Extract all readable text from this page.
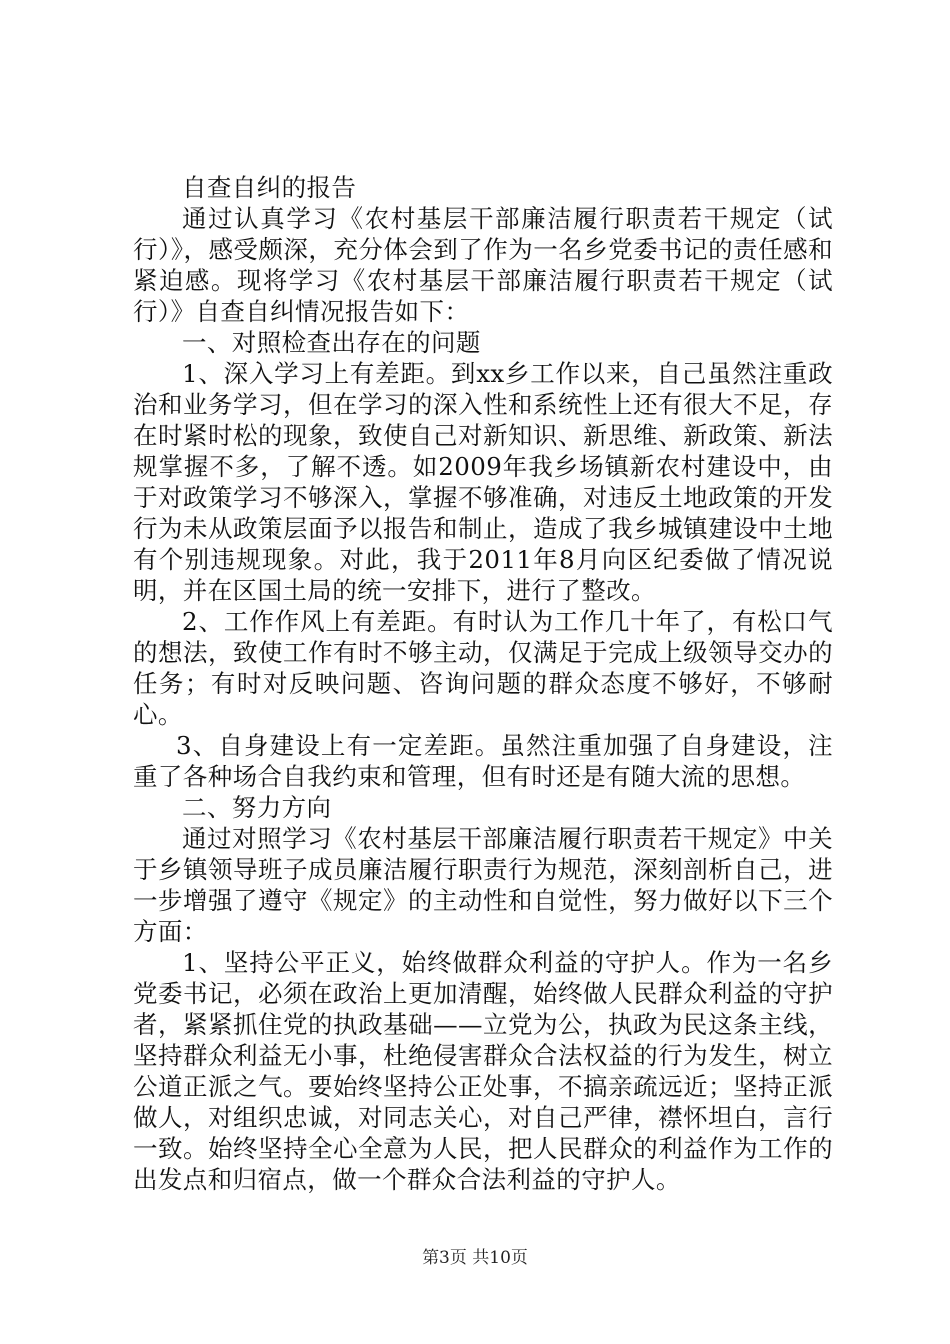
自查自纠的报告

通过认真学习《农村基层干部廉洁履行职责若干规定（试行）》，感受颇深，充分体会到了作为一名乡党委书记的责任感和紧迫感。现将学习《农村基层干部廉洁履行职责若干规定（试行）》自查自纠情况报告如下：

一、对照检查出存在的问题

1、深入学习上有差距。到xx乡工作以来，自己虽然注重政治和业务学习，但在学习的深入性和系统性上还有很大不足，存在时紧时松的现象，致使自己对新知识、新思维、新政策、新法规掌握不多，了解不透。如2009年我乡场镇新农村建设中，由于对政策学习不够深入，掌握不够准确，对违反土地政策的开发行为未从政策层面予以报告和制止，造成了我乡城镇建设中土地有个别违规现象。对此，我于2011年8月向区纪委做了情况说明，并在区国土局的统一安排下，进行了整改。

2、工作作风上有差距。有时认为工作几十年了，有松口气的想法，致使工作有时不够主动，仅满足于完成上级领导交办的任务；有时对反映问题、咨询问题的群众态度不够好，不够耐心。

3、自身建设上有一定差距。虽然注重加强了自身建设，注重了各种场合自我约束和管理，但有时还是有随大流的思想。

二、努力方向

通过对照学习《农村基层干部廉洁履行职责若干规定》中关于乡镇领导班子成员廉洁履行职责行为规范，深刻剖析自己，进一步增强了遵守《规定》的主动性和自觉性，努力做好以下三个方面：

1、坚持公平正义，始终做群众利益的守护人。作为一名乡党委书记，必须在政治上更加清醒，始终做人民群众利益的守护者，紧紧抓住党的执政基础——立党为公，执政为民这条主线，坚持群众利益无小事，杜绝侵害群众合法权益的行为发生，树立公道正派之气。要始终坚持公正处事，不搞亲疏远近；坚持正派做人，对组织忠诚，对同志关心，对自己严律，襟怀坦白，言行一致。始终坚持全心全意为人民，把人民群众的利益作为工作的出发点和归宿点，做一个群众合法利益的守护人。

第3页 共10页
